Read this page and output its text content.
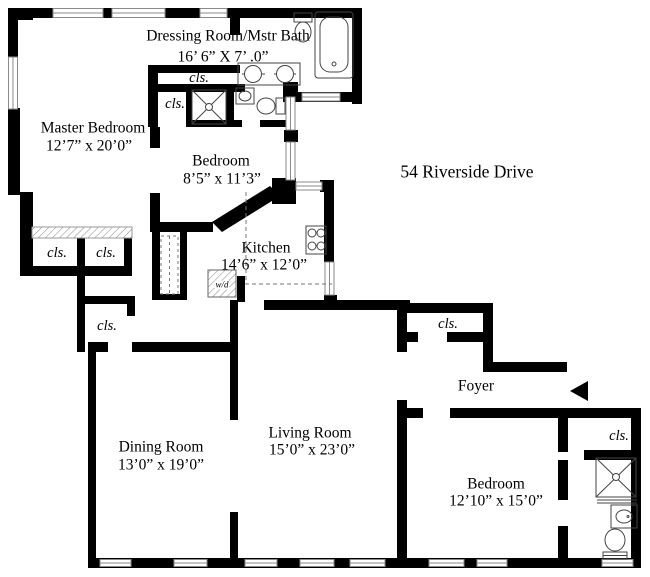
54 Riverside Drive
Dressing Room/Mstr Bath
16’ 6” X 7’ .0”
Master Bedroom
12’7” x 20’0”
Bedroom
8’5” x 11’3”
Kitchen
14’6” x 12’0”
Dining Room
13’0” x 19’0”
Living Room
15’0” x 23’0”
Foyer
Bedroom
12’10” x 15’0”
cls.
cls.
cls. cls.
cls.	cls.
cls.
w/d
